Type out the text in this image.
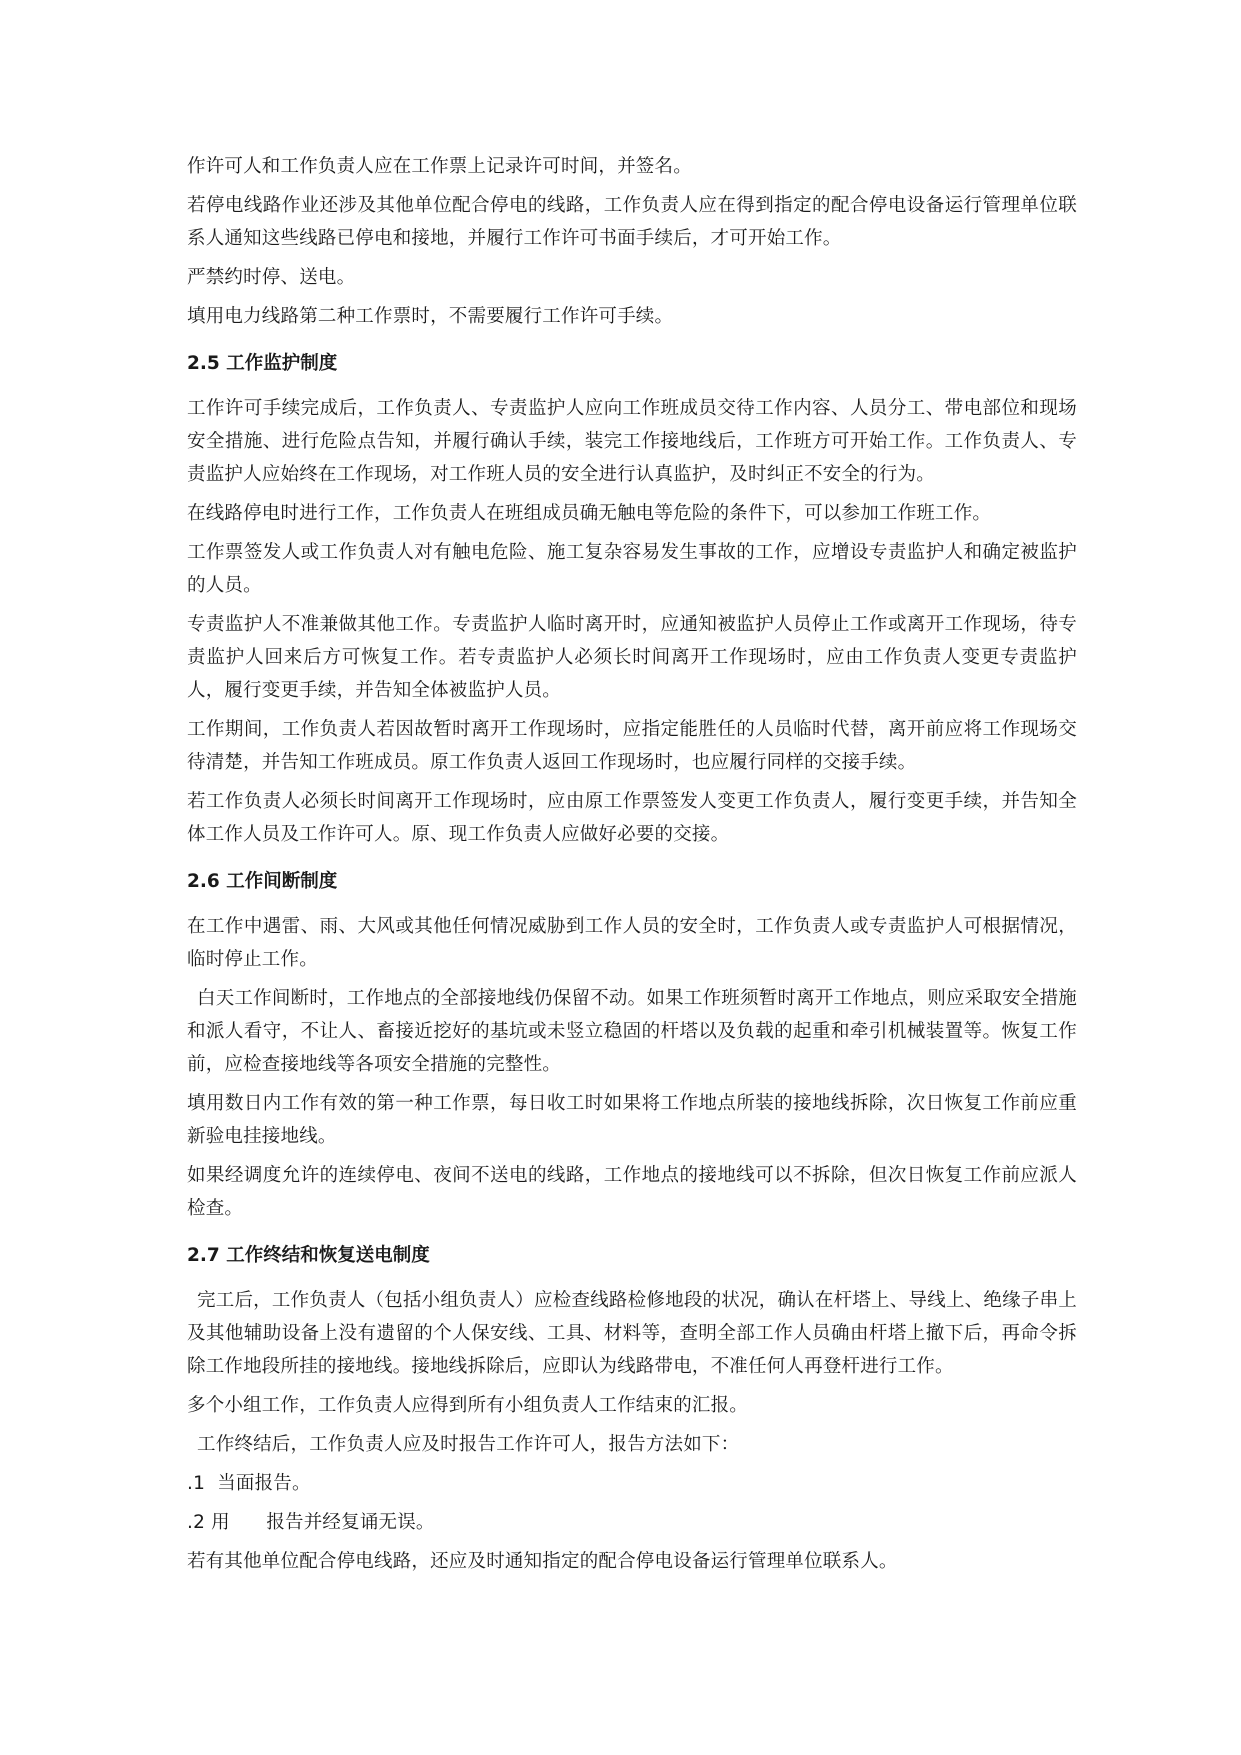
作许可人和工作负责人应在工作票上记录许可时间，并签名。

若停电线路作业还涉及其他单位配合停电的线路，工作负责人应在得到指定的配合停电设备运行管理单位联系人通知这些线路已停电和接地，并履行工作许可书面手续后，才可开始工作。

严禁约时停、送电。

填用电力线路第二种工作票时，不需要履行工作许可手续。

2.5 工作监护制度

工作许可手续完成后，工作负责人、专责监护人应向工作班成员交待工作内容、人员分工、带电部位和现场安全措施、进行危险点告知，并履行确认手续，装完工作接地线后，工作班方可开始工作。工作负责人、专责监护人应始终在工作现场，对工作班人员的安全进行认真监护，及时纠正不安全的行为。

在线路停电时进行工作，工作负责人在班组成员确无触电等危险的条件下，可以参加工作班工作。

工作票签发人或工作负责人对有触电危险、施工复杂容易发生事故的工作，应增设专责监护人和确定被监护的人员。

专责监护人不准兼做其他工作。专责监护人临时离开时，应通知被监护人员停止工作或离开工作现场，待专责监护人回来后方可恢复工作。若专责监护人必须长时间离开工作现场时，应由工作负责人变更专责监护人，履行变更手续，并告知全体被监护人员。

工作期间，工作负责人若因故暂时离开工作现场时，应指定能胜任的人员临时代替，离开前应将工作现场交待清楚，并告知工作班成员。原工作负责人返回工作现场时，也应履行同样的交接手续。

若工作负责人必须长时间离开工作现场时，应由原工作票签发人变更工作负责人，履行变更手续，并告知全体工作人员及工作许可人。原、现工作负责人应做好必要的交接。

2.6 工作间断制度

在工作中遇雷、雨、大风或其他任何情况威胁到工作人员的安全时，工作负责人或专责监护人可根据情况，临时停止工作。

白天工作间断时，工作地点的全部接地线仍保留不动。如果工作班须暂时离开工作地点，则应采取安全措施和派人看守，不让人、畜接近挖好的基坑或未竖立稳固的杆塔以及负载的起重和牵引机械装置等。恢复工作前，应检查接地线等各项安全措施的完整性。

填用数日内工作有效的第一种工作票，每日收工时如果将工作地点所装的接地线拆除，次日恢复工作前应重新验电挂接地线。

如果经调度允许的连续停电、夜间不送电的线路，工作地点的接地线可以不拆除，但次日恢复工作前应派人检查。

2.7 工作终结和恢复送电制度

完工后，工作负责人（包括小组负责人）应检查线路检修地段的状况，确认在杆塔上、导线上、绝缘子串上及其他辅助设备上没有遗留的个人保安线、工具、材料等，查明全部工作人员确由杆塔上撤下后，再命令拆除工作地段所挂的接地线。接地线拆除后，应即认为线路带电，不准任何人再登杆进行工作。

多个小组工作，工作负责人应得到所有小组负责人工作结束的汇报。

工作终结后，工作负责人应及时报告工作许可人，报告方法如下：

.1  当面报告。

.2 用      报告并经复诵无误。

若有其他单位配合停电线路，还应及时通知指定的配合停电设备运行管理单位联系人。
